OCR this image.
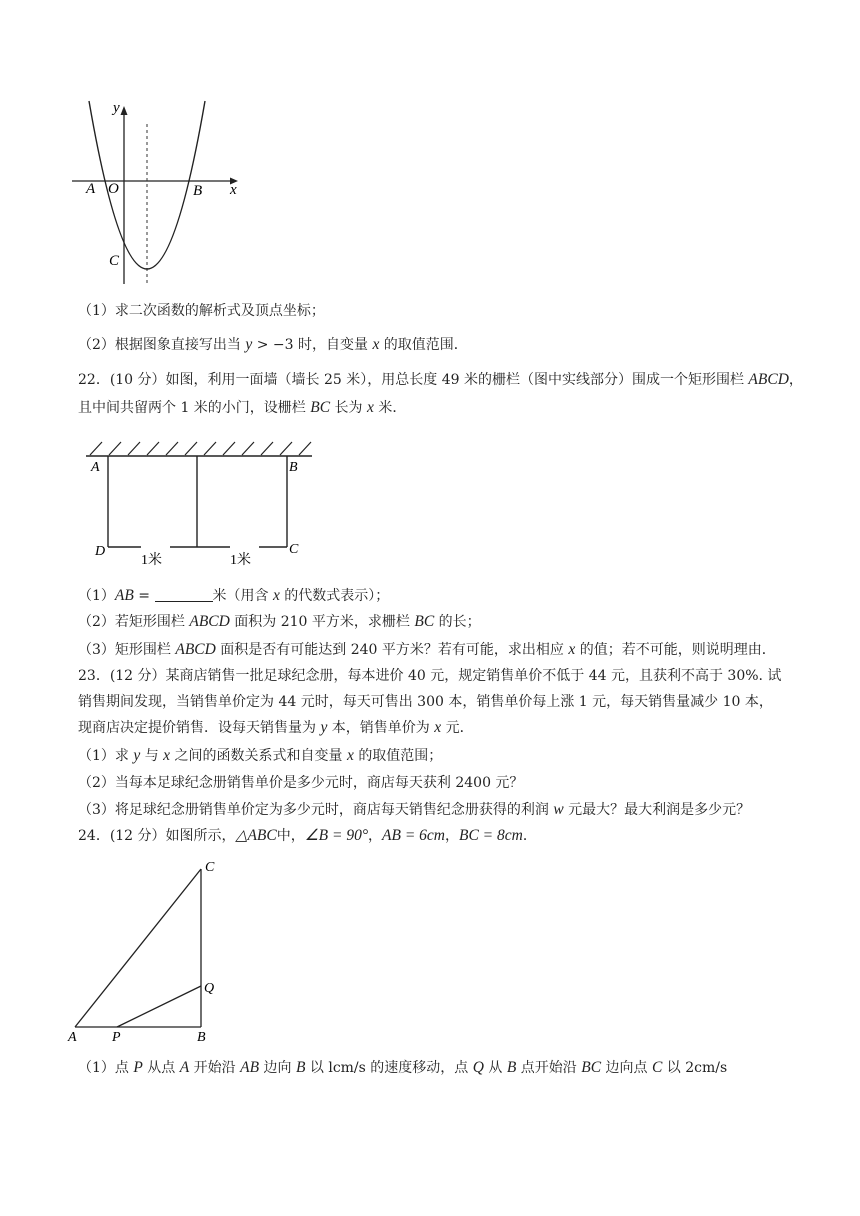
y
x
A O	B
C
（1）求二次函数的解析式及顶点坐标；
（2）根据图象直接写出当 y > −3 时，自变量 x 的取值范围．
22．(10 分）如图，利用一面墙（墙长 25 米），用总长度 49 米的栅栏（图中实线部分）围成一个矩形围栏 ABCD，
且中间共留两个 1 米的小门，设栅栏 BC 长为 x 米．
A	B
D	C
1米	1米
（1）AB =	米（用含 x 的代数式表示）；
（2）若矩形围栏 ABCD 面积为 210 平方米，求栅栏 BC 的长；
（3）矩形围栏 ABCD 面积是否有可能达到 240 平方米？若有可能，求出相应 x 的值；若不可能，则说明理由．
23．(12 分）某商店销售一批足球纪念册，每本进价 40 元，规定销售单价不低于 44 元，且获利不高于 30%. 试
销售期间发现，当销售单价定为 44 元时，每天可售出 300 本，销售单价每上涨 1 元，每天销售量减少 10 本，
现商店决定提价销售．设每天销售量为 y 本，销售单价为 x 元．
（1）求 y 与 x 之间的函数关系式和自变量 x 的取值范围；
（2）当每本足球纪念册销售单价是多少元时，商店每天获利 2400 元？
（3）将足球纪念册销售单价定为多少元时，商店每天销售纪念册获得的利润 w 元最大？最大利润是多少元？
24．(12 分）如图所示，△ABC中，∠B = 90°，AB = 6cm，BC = 8cm．
C
Q
A	P	B
（1）点 P 从点 A 开始沿 AB 边向 B 以 lcm/s 的速度移动，点 Q 从 B 点开始沿 BC 边向点 C 以 2cm/s
